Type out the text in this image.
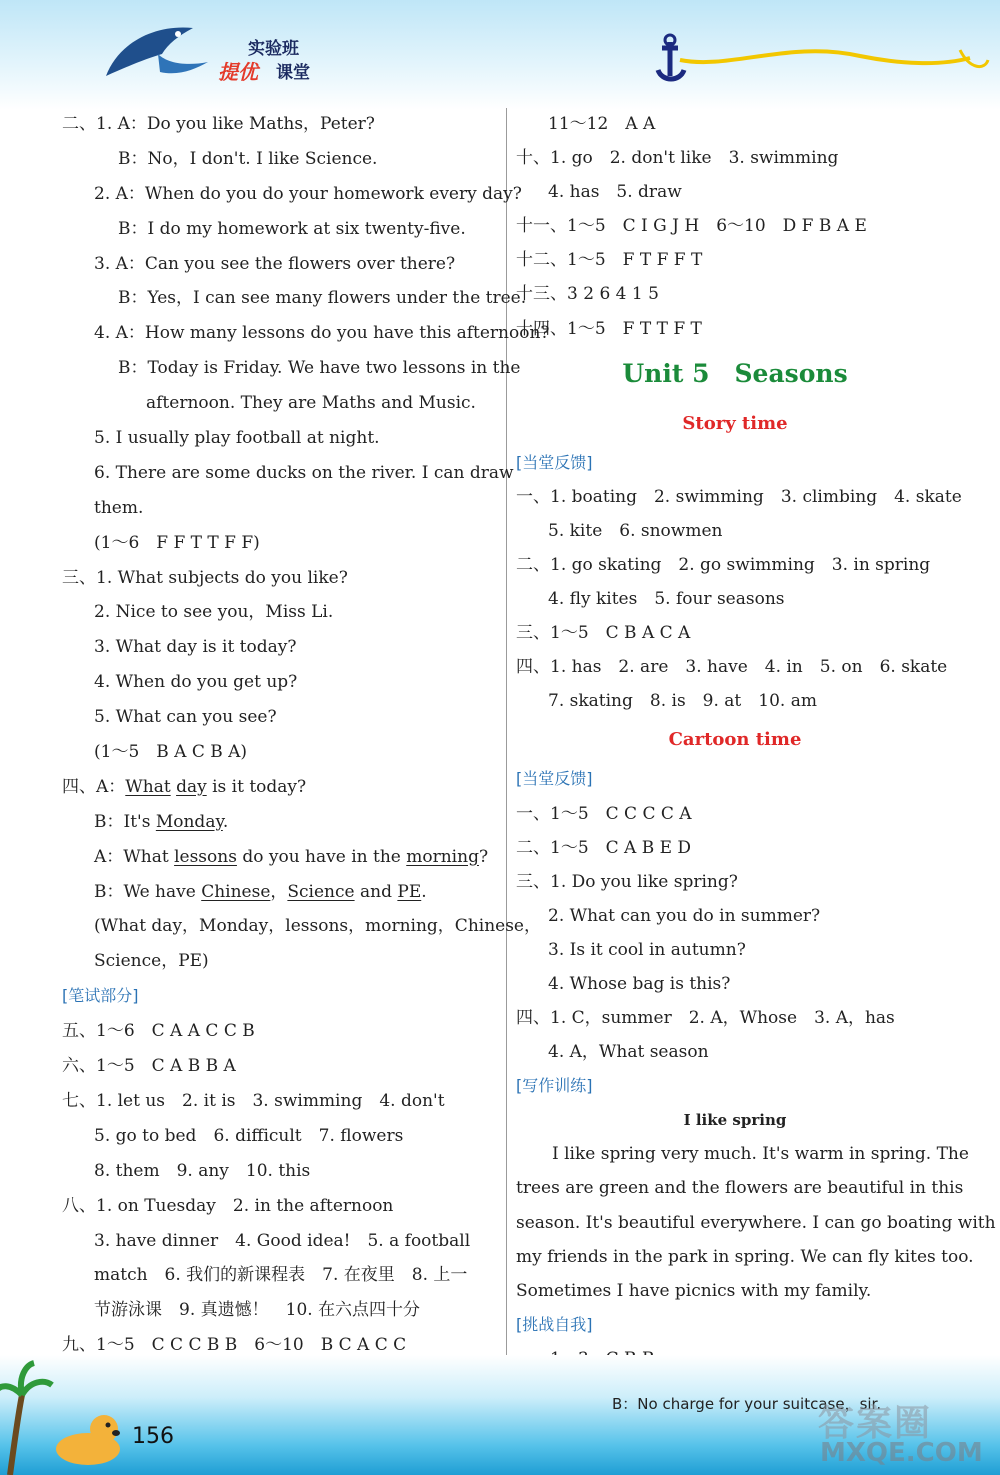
实验班
提优 课堂
二、1. A：Do you like Maths，Peter?
B：No，I don't. I like Science.
2. A：When do you do your homework every day?
B：I do my homework at six twenty-five.
3. A：Can you see the flowers over there?
B：Yes，I can see many flowers under the tree.
4. A：How many lessons do you have this afternoon?
B：Today is Friday. We have two lessons in the
afternoon. They are Maths and Music.
5. I usually play football at night.
6. There are some ducks on the river. I can draw
them.
(1～6　F F T T F F)
三、1. What subjects do you like?
2. Nice to see you，Miss Li.
3. What day is it today?
4. When do you get up?
5. What can you see?
(1～5　B A C B A)
四、A：What day is it today?
B：It's Monday.
A：What lessons do you have in the morning?
B：We have Chinese，Science and PE.
(What day，Monday，lessons，morning，Chinese，
Science，PE)
[笔试部分]
五、1～6　C A A C C B
六、1～5　C A B B A
七、1. let us　2. it is　3. swimming　4. don't
5. go to bed　6. difficult　7. flowers
8. them　9. any　10. this
八、1. on Tuesday　2. in the afternoon
3. have dinner　4. Good idea!　5. a football
match　6. 我们的新课程表　7. 在夜里　8. 上一
节游泳课　9. 真遗憾！　10. 在六点四十分
九、1～5　C C C B B　6～10　B C A C C
11～12　A A
十、1. go　2. don't like　3. swimming
4. has　5. draw
十一、1～5　C I G J H　6～10　D F B A E
十二、1～5　F T F F T
十三、3 2 6 4 1 5
十四、1～5　F T T F T
Unit 5　Seasons
Story time
[当堂反馈]
一、1. boating　2. swimming　3. climbing　4. skate
5. kite　6. snowmen
二、1. go skating　2. go swimming　3. in spring
4. fly kites　5. four seasons
三、1～5　C B A C A
四、1. has　2. are　3. have　4. in　5. on　6. skate
7. skating　8. is　9. at　10. am
Cartoon time
[当堂反馈]
一、1～5　C C C C A
二、1～5　C A B E D
三、1. Do you like spring?
2. What can you do in summer?
3. Is it cool in autumn?
4. Whose bag is this?
四、1. C，summer　2. A，Whose　3. A，has
4. A，What season
[写作训练]
I like spring
I like spring very much. It's warm in spring. The
trees are green and the flowers are beautiful in this
season. It's beautiful everywhere. I can go boating with
my friends in the park in spring. We can fly kites too.
Sometimes I have picnics with my family.
[挑战自我]
156
B：No charge for your suitcase，sir.
答案圈
MXQE.COM
